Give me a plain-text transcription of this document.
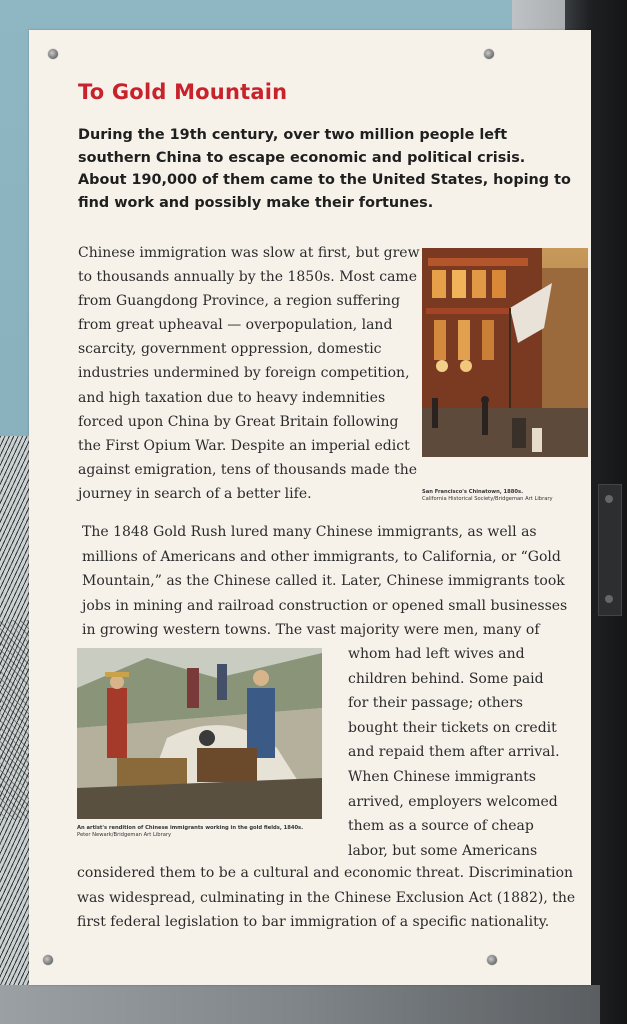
To Gold Mountain

During the 19th century, over two million people left southern China to escape economic and political crisis. About 190,000 of them came to the United States, hoping to find work and possibly make their fortunes.

Chinese immigration was slow at first, but grew
to thousands annually by the 1850s. Most came
from Guangdong Province, a region suffering
from great upheaval — overpopulation, land
scarcity, government oppression, domestic
industries undermined by foreign competition,
and high taxation due to heavy indemnities
forced upon China by Great Britain following
the First Opium War. Despite an imperial edict
against emigration, tens of thousands made the
journey in search of a better life.	San Francisco's Chinatown, 1880s.
California Historical Society/Bridgeman Art Library

The 1848 Gold Rush lured many Chinese immigrants, as well as
millions of Americans and other immigrants, to California, or “Gold
Mountain,” as the Chinese called it. Later, Chinese immigrants took
jobs in mining and railroad construction or opened small businesses
in growing western towns. The vast majority were men, many of

An artist's rendition of Chinese immigrants working in the gold fields, 1840s.
Peter Newark/Bridgeman Art Library

whom had left wives and
children behind. Some paid
for their passage; others
bought their tickets on credit
and repaid them after arrival.
When Chinese immigrants
arrived, employers welcomed
them as a source of cheap
labor, but some Americans

considered them to be a cultural and economic threat. Discrimination was widespread, culminating in the Chinese Exclusion Act (1882), the first federal legislation to bar immigration of a specific nationality.
